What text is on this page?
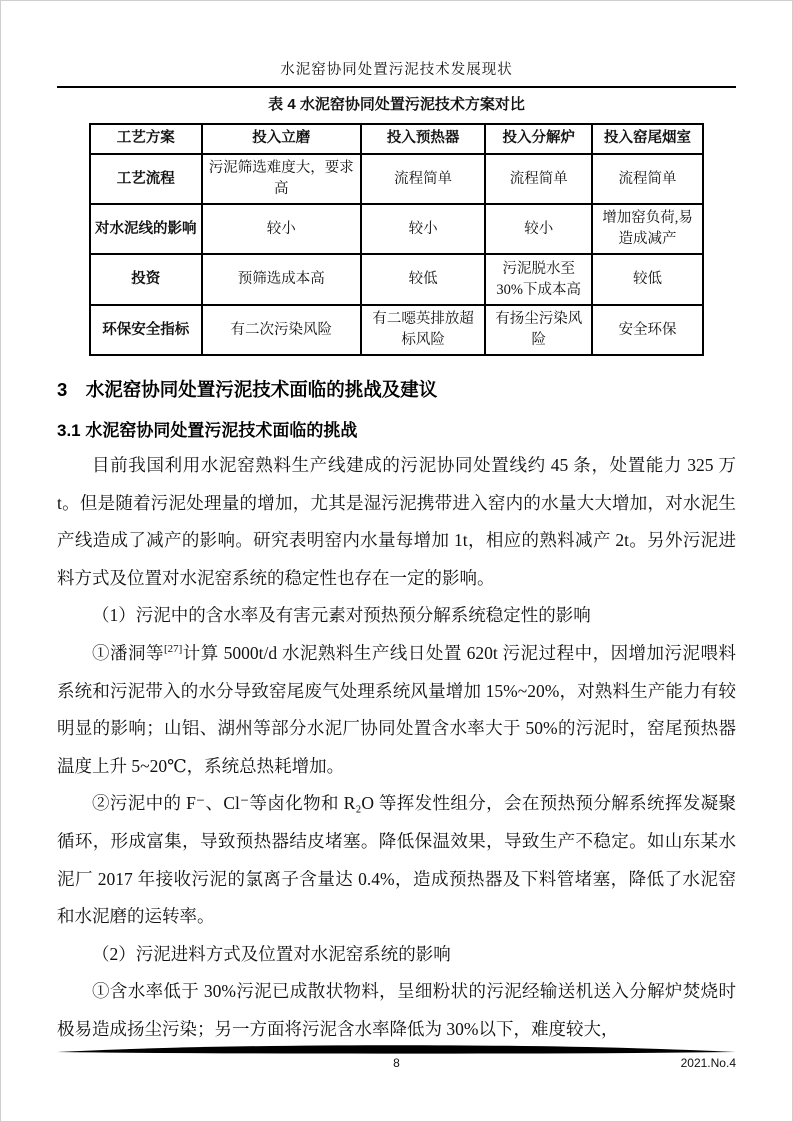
水泥窑协同处置污泥技术发展现状
表 4 水泥窑协同处置污泥技术方案对比
工艺方案	投入立磨	投入预热器	投入分解炉	投入窑尾烟室
工艺流程	污泥筛选难度大，要求高	流程简单	流程简单	流程简单
对水泥线的影响	较小	较小	较小	增加窑负荷,易造成减产
投资	预筛选成本高	较低	污泥脱水至30%下成本高	较低
环保安全指标	有二次污染风险	有二噁英排放超标风险	有扬尘污染风险	安全环保
3　水泥窑协同处置污泥技术面临的挑战及建议
3.1 水泥窑协同处置污泥技术面临的挑战

目前我国利用水泥窑熟料生产线建成的污泥协同处置线约 45 条，处置能力 325 万 t。但是随着污泥处理量的增加，尤其是湿污泥携带进入窑内的水量大大增加，对水泥生产线造成了减产的影响。研究表明窑内水量每增加 1t，相应的熟料减产 2t。另外污泥进料方式及位置对水泥窑系统的稳定性也存在一定的影响。

（1）污泥中的含水率及有害元素对预热预分解系统稳定性的影响

①潘洞等[27]计算 5000t/d 水泥熟料生产线日处置 620t 污泥过程中，因增加污泥喂料系统和污泥带入的水分导致窑尾废气处理系统风量增加 15%~20%，对熟料生产能力有较明显的影响；山铝、湖州等部分水泥厂协同处置含水率大于 50%的污泥时，窑尾预热器温度上升 5~20℃，系统总热耗增加。

②污泥中的 F⁻、Cl⁻等卤化物和 R₂O 等挥发性组分，会在预热预分解系统挥发凝聚循环，形成富集，导致预热器结皮堵塞。降低保温效果，导致生产不稳定。如山东某水泥厂 2017 年接收污泥的氯离子含量达 0.4%，造成预热器及下料管堵塞，降低了水泥窑和水泥磨的运转率。

（2）污泥进料方式及位置对水泥窑系统的影响

①含水率低于 30%污泥已成散状物料，呈细粉状的污泥经输送机送入分解炉焚烧时极易造成扬尘污染；另一方面将污泥含水率降低为 30%以下，难度较大，

8	2021.No.4
